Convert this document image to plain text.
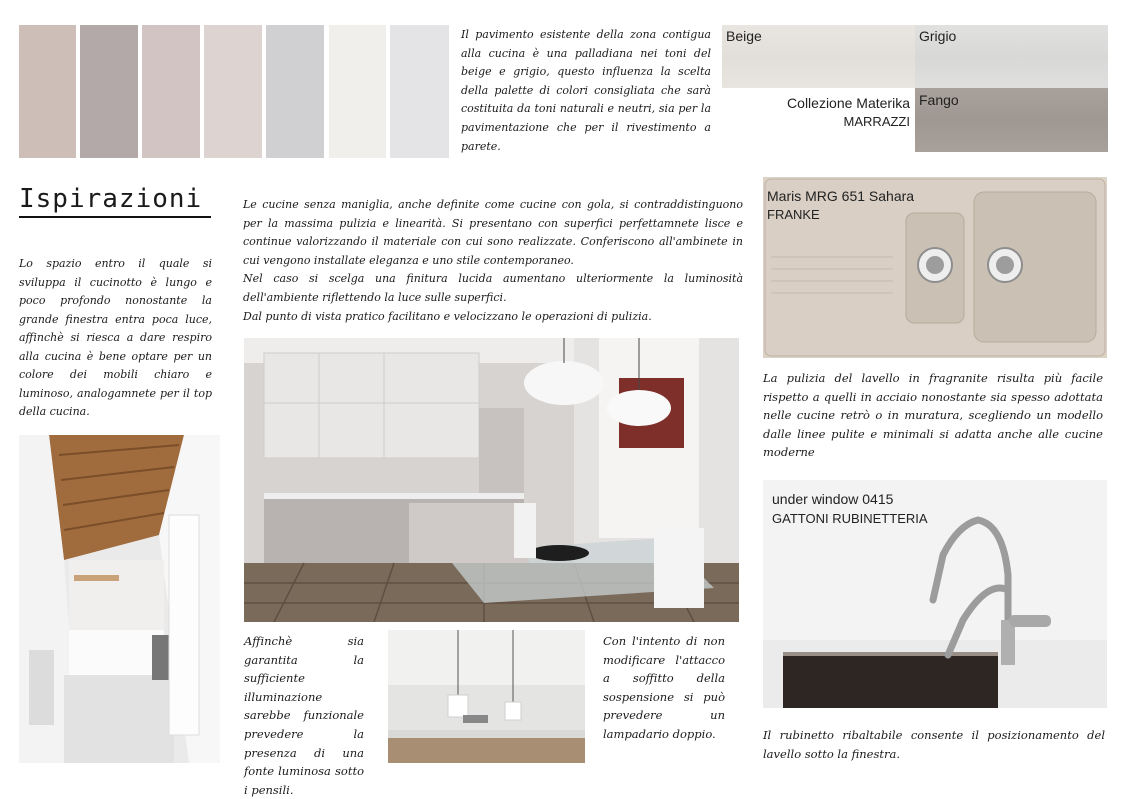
Il pavimento esistente della zona contigua alla cucina è una palladiana nei toni del beige e grigio, questo influenza la scelta della palette di colori consigliata che sarà costituita da toni naturali e neutri, sia per la pavimentazione che per il rivestimento a parete.
Beige	Grigio
Fango
Collezione Materika
MARRAZZI
Ispirazioni
Lo spazio entro il quale si sviluppa il cucinotto è lungo e poco profondo nonostante la grande finestra entra poca luce, affinchè si riesca a dare respiro alla cucina è bene optare per un colore dei mobili chiaro e luminoso, analogamnete per il top della cucina.
Le cucine senza maniglia, anche definite come cucine con gola, si contraddistinguono per la massima pulizia e linearità. Si presentano con superfici perfettamnete lisce e continue valorizzando il materiale con cui sono realizzate. Conferiscono all'ambinete in cui vengono installate eleganza e uno stile contemporaneo.
Nel caso si scelga una finitura lucida aumentano ulteriormente la luminosità dell'ambiente riflettendo la luce sulle superfici.
Dal punto di vista pratico facilitano e velocizzano le operazioni di pulizia.
Affinchè sia garantita la sufficiente illuminazione sarebbe funzionale prevedere la presenza di una fonte luminosa sotto i pensili.
Con l'intento di non modificare l'attacco a soffitto della sospensione si può prevedere un lampadario doppio.
Maris MRG 651 Sahara
FRANKE
La pulizia del lavello in fragranite risulta più facile rispetto a quelli in acciaio nonostante sia spesso adottata nelle cucine retrò o in muratura, scegliendo un modello dalle linee pulite e minimali si adatta anche alle cucine moderne
under window 0415
GATTONI RUBINETTERIA
Il rubinetto ribaltabile consente il posizionamento del lavello sotto la finestra.
